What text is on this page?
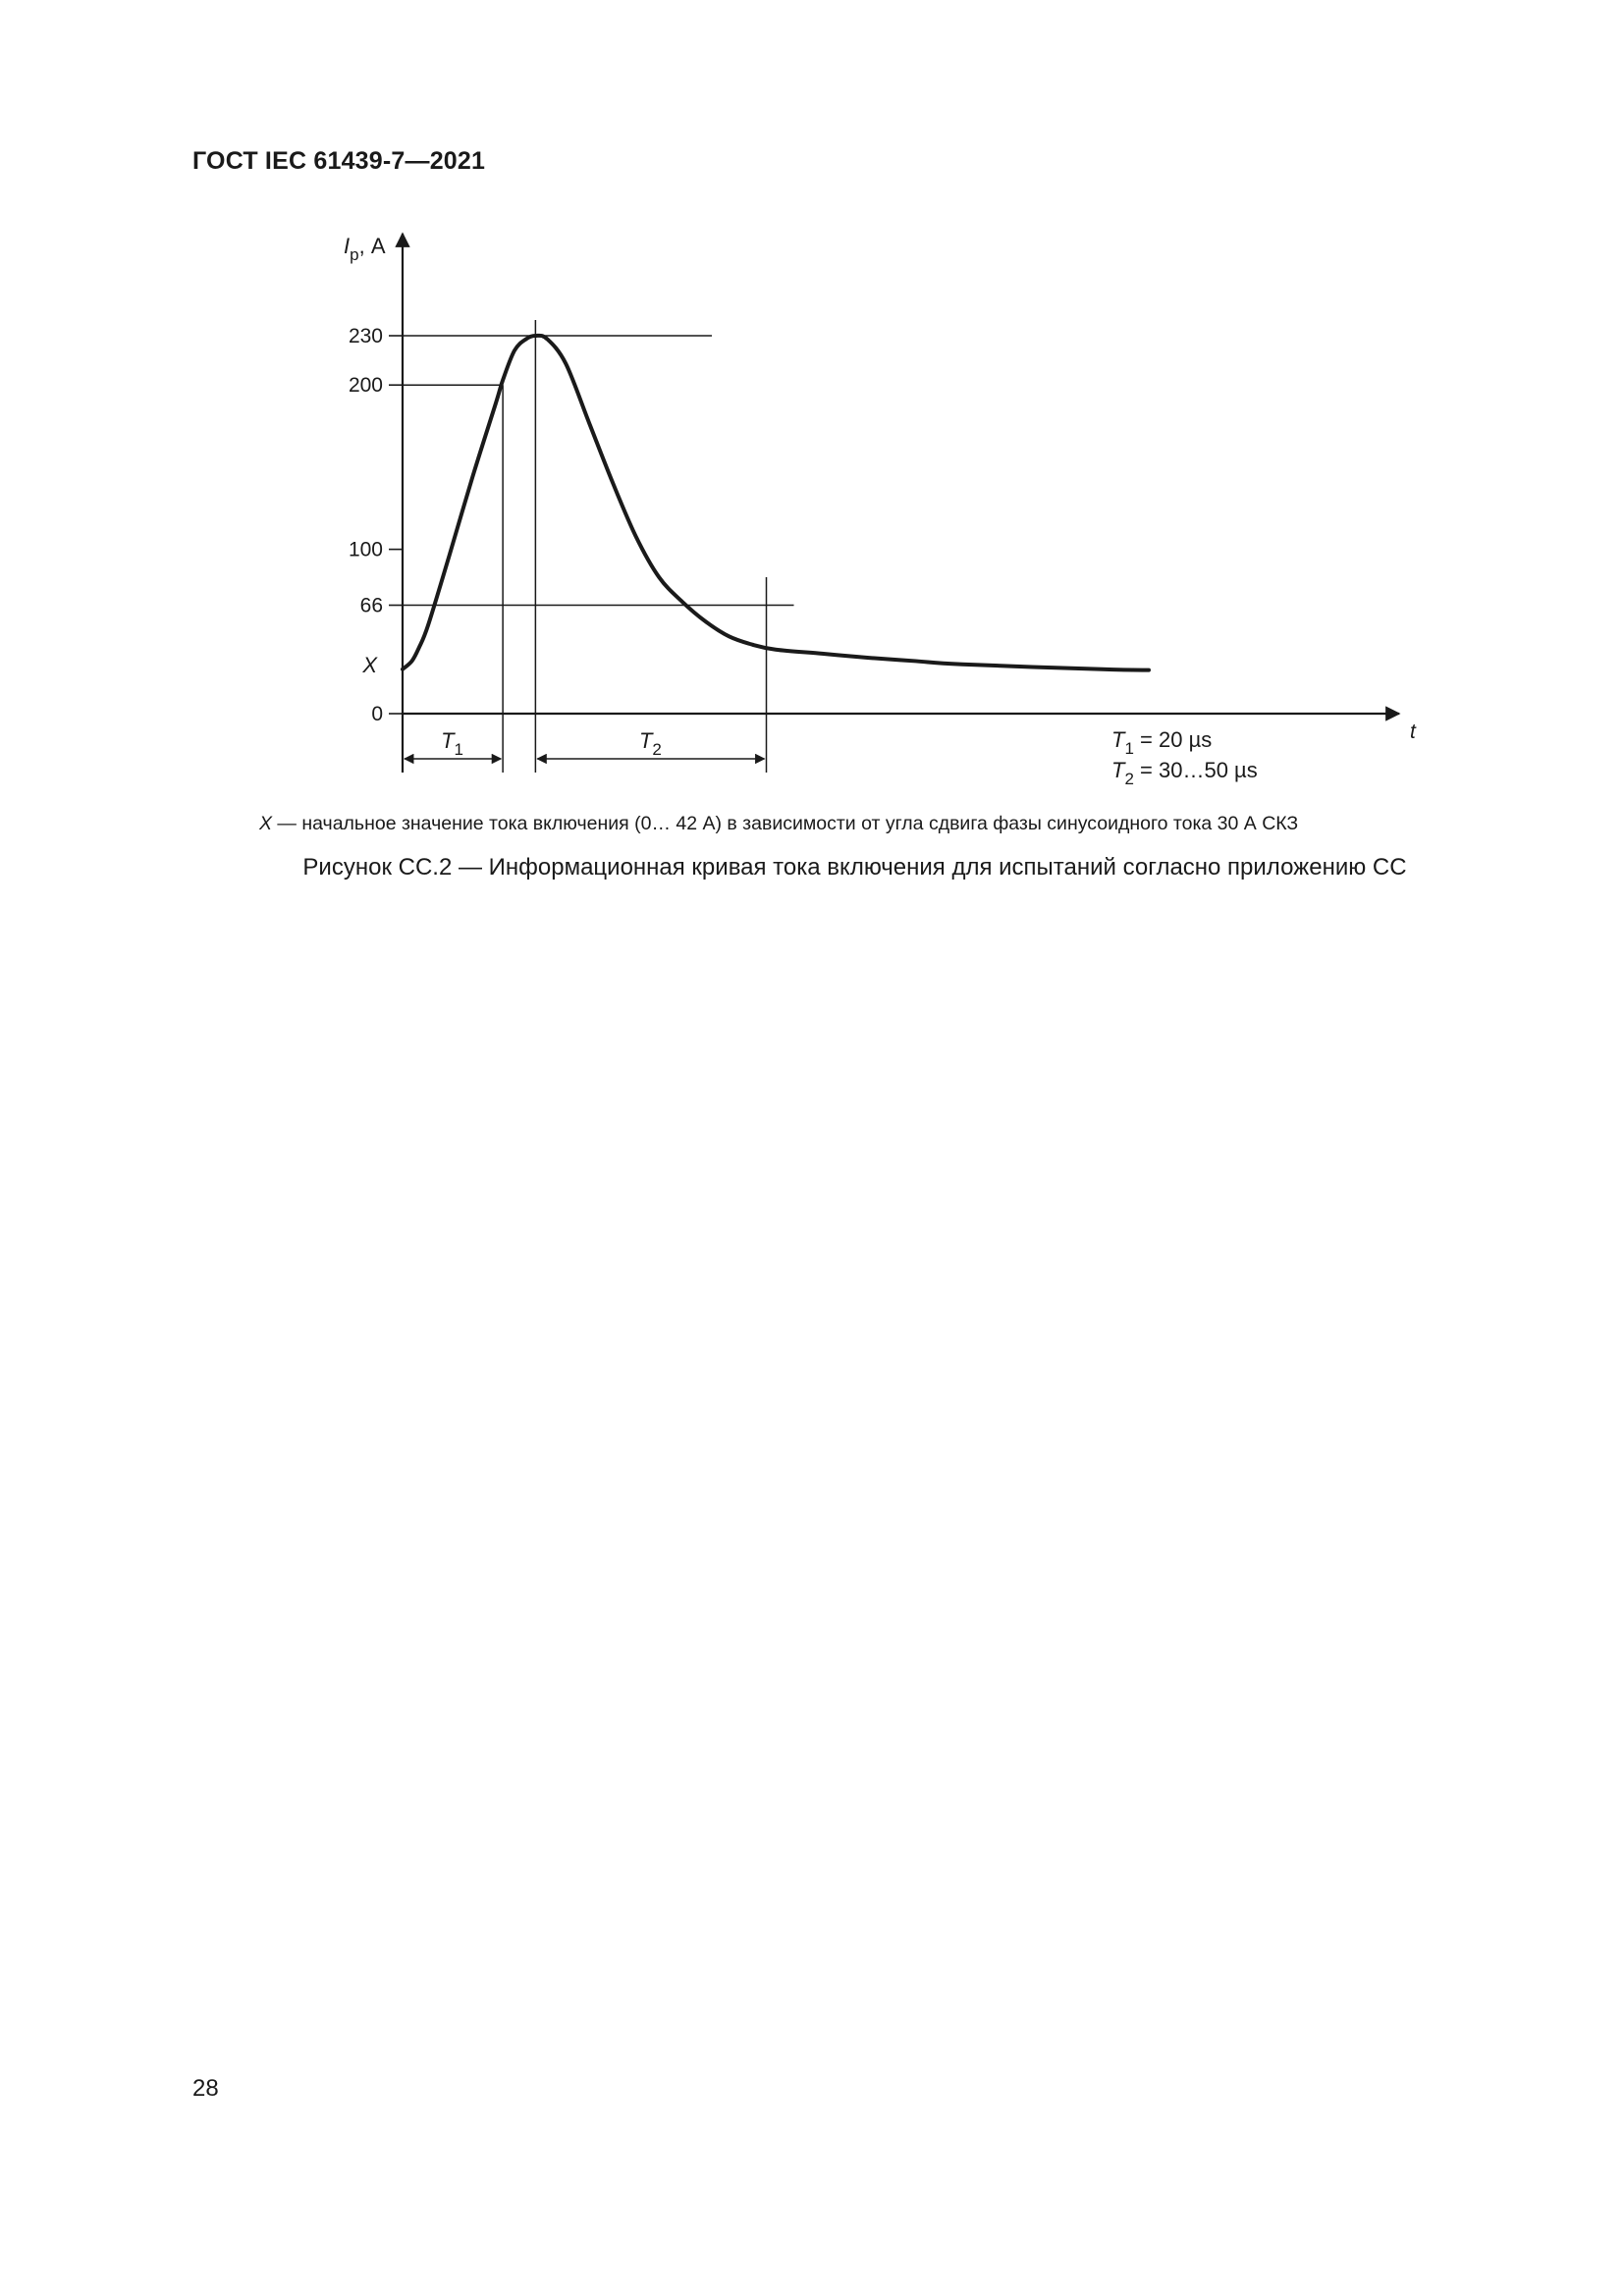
ГОСТ IEC 61439-7—2021
$I_p$, А
t
230
200
100
66
0
X
$T_1$	$T_2$	$T_1 = 20$ µs
$T_2$ = 30…50 µs
X — начальное значение тока включения (0… 42 А) в зависимости от угла сдвига фазы синусоидного тока 30 А СКЗ
Рисунок СС.2 — Информационная кривая тока включения для испытаний согласно приложению СС
28
